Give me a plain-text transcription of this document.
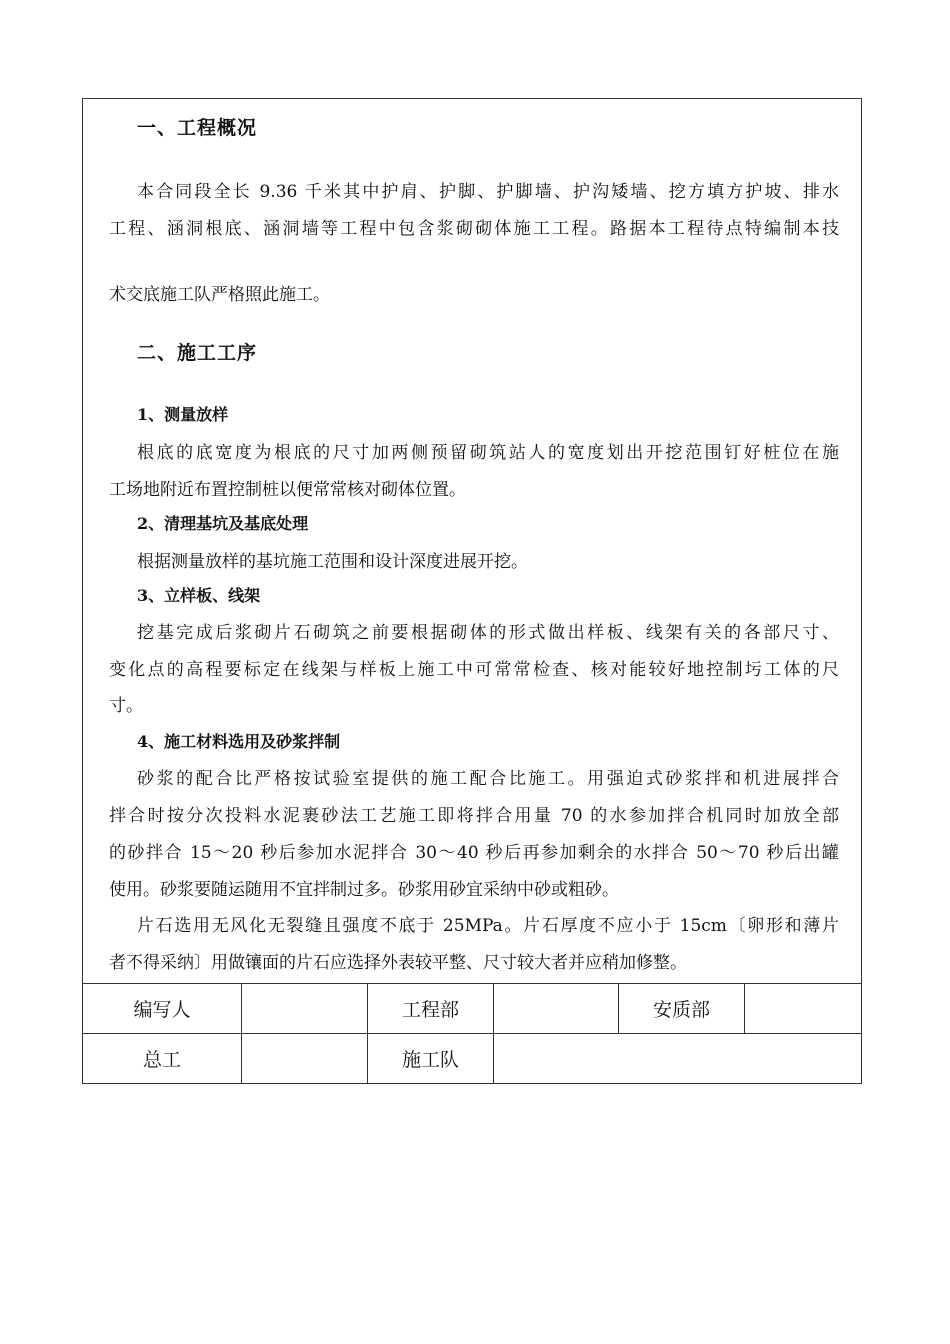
一、工程概况
本合同段全长 9.36 千米其中护肩、护脚、护脚墙、护沟矮墙、挖方填方护坡、排水
工程、涵洞根底、涵洞墙等工程中包含浆砌砌体施工工程。路据本工程待点特编制本技
术交底施工队严格照此施工。
二、施工工序
1、测量放样
根底的底宽度为根底的尺寸加两侧预留砌筑站人的宽度划出开挖范围钉好桩位在施
工场地附近布置控制桩以便常常核对砌体位置。
2、清理基坑及基底处理
根据测量放样的基坑施工范围和设计深度进展开挖。
3、立样板、线架
挖基完成后浆砌片石砌筑之前要根据砌体的形式做出样板、线架有关的各部尺寸、
变化点的高程要标定在线架与样板上施工中可常常检查、核对能较好地控制圬工体的尺
寸。
4、施工材料选用及砂浆拌制
砂浆的配合比严格按试验室提供的施工配合比施工。用强迫式砂浆拌和机进展拌合
拌合时按分次投料水泥裹砂法工艺施工即将拌合用量 70 的水参加拌合机同时加放全部
的砂拌合 15～20 秒后参加水泥拌合 30～40 秒后再参加剩余的水拌合 50～70 秒后出罐
使用。砂浆要随运随用不宜拌制过多。砂浆用砂宜采纳中砂或粗砂。
片石选用无风化无裂缝且强度不底于 25MPa。片石厚度不应小于 15cm〔卵形和薄片
者不得采纳〕用做镶面的片石应选择外表较平整、尺寸较大者并应稍加修整。
编写人		工程部		安质部	
总工		施工队			
